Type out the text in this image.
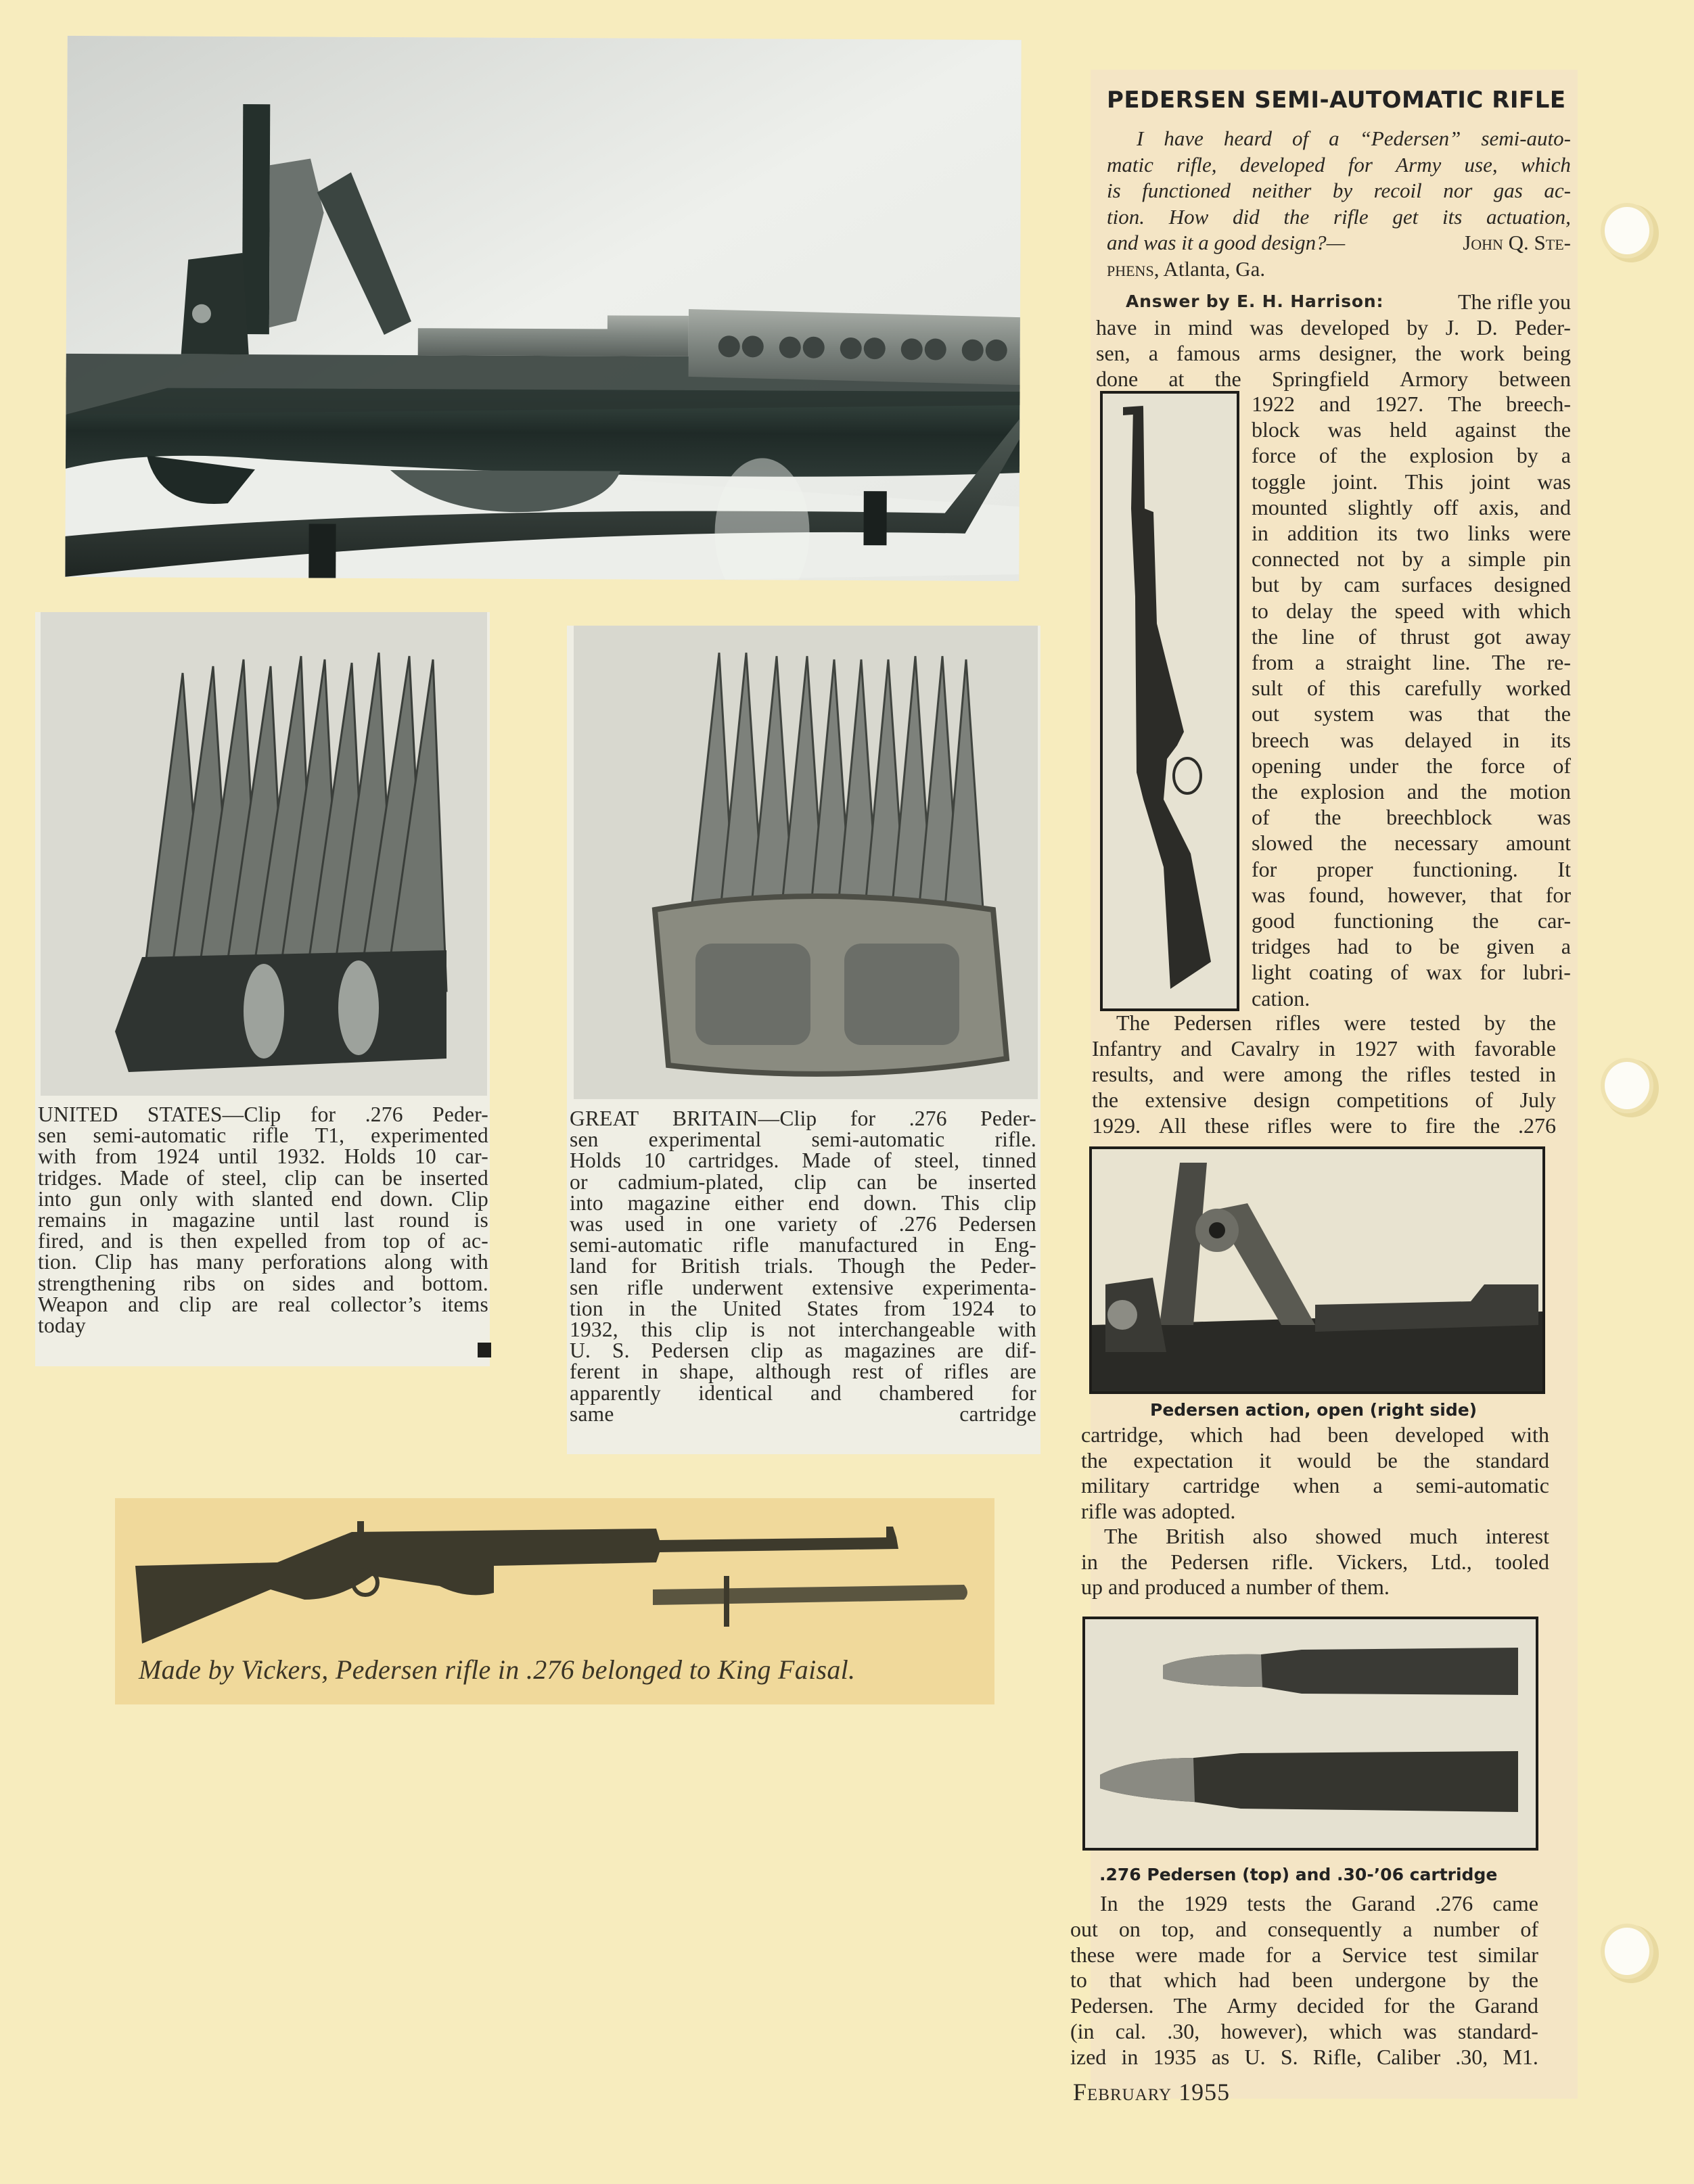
UNITED STATES—Clip for .276 Peder-
sen semi-automatic rifle T1, experimented
with from 1924 until 1932. Holds 10 car-
tridges. Made of steel, clip can be inserted
into gun only with slanted end down. Clip
remains in magazine until last round is
fired, and is then expelled from top of ac-
tion. Clip has many perforations along with
strengthening ribs on sides and bottom.
Weapon and clip are real collector’s items
today
GREAT BRITAIN—Clip for .276 Peder-
sen experimental semi-automatic rifle.
Holds 10 cartridges. Made of steel, tinned
or cadmium-plated, clip can be inserted
into magazine either end down. This clip
was used in one variety of .276 Pedersen
semi-automatic rifle manufactured in Eng-
land for British trials. Though the Peder-
sen rifle underwent extensive experimenta-
tion in the United States from 1924 to
1932, this clip is not interchangeable with
U. S. Pedersen clip as magazines are dif-
ferent in shape, although rest of rifles are
apparently identical and chambered for
same cartridge
Made by Vickers, Pedersen rifle in .276 belonged to King Faisal.
PEDERSEN SEMI-AUTOMATIC RIFLE
I have heard of a “Pedersen” semi-auto-
matic rifle, developed for Army use, which
is functioned neither by recoil nor gas ac-
tion. How did the rifle get its actuation,
and was it a good design?—	John Q. Ste-
phens, Atlanta, Ga.
Answer by E. H. Harrison:	The rifle you
have in mind was developed by J. D. Peder-
sen, a famous arms designer, the work being
done at the Springfield Armory between
1922 and 1927. The breech-
block was held against the
force of the explosion by a
toggle joint. This joint was
mounted slightly off axis, and
in addition its two links were
connected not by a simple pin
but by cam surfaces designed
to delay the speed with which
the line of thrust got away
from a straight line. The re-
sult of this carefully worked
out system was that the
breech was delayed in its
opening under the force of
the explosion and the motion
of the breechblock was
slowed the necessary amount
for proper functioning. It
was found, however, that for
good functioning the car-
tridges had to be given a
light coating of wax for lubri-
cation.
The Pedersen rifles were tested by the
Infantry and Cavalry in 1927 with favorable
results, and were among the rifles tested in
the extensive design competitions of July
1929. All these rifles were to fire the .276
Pedersen action, open (right side)
cartridge, which had been developed with
the expectation it would be the standard
military cartridge when a semi-automatic
rifle was adopted.
The British also showed much interest
in the Pedersen rifle. Vickers, Ltd., tooled
up and produced a number of them.
.276 Pedersen (top) and .30-’06 cartridge
In the 1929 tests the Garand .276 came
out on top, and consequently a number of
these were made for a Service test similar
to that which had been undergone by the
Pedersen. The Army decided for the Garand
(in cal. .30, however), which was standard-
ized in 1935 as U. S. Rifle, Caliber .30, M1.
February 1955
